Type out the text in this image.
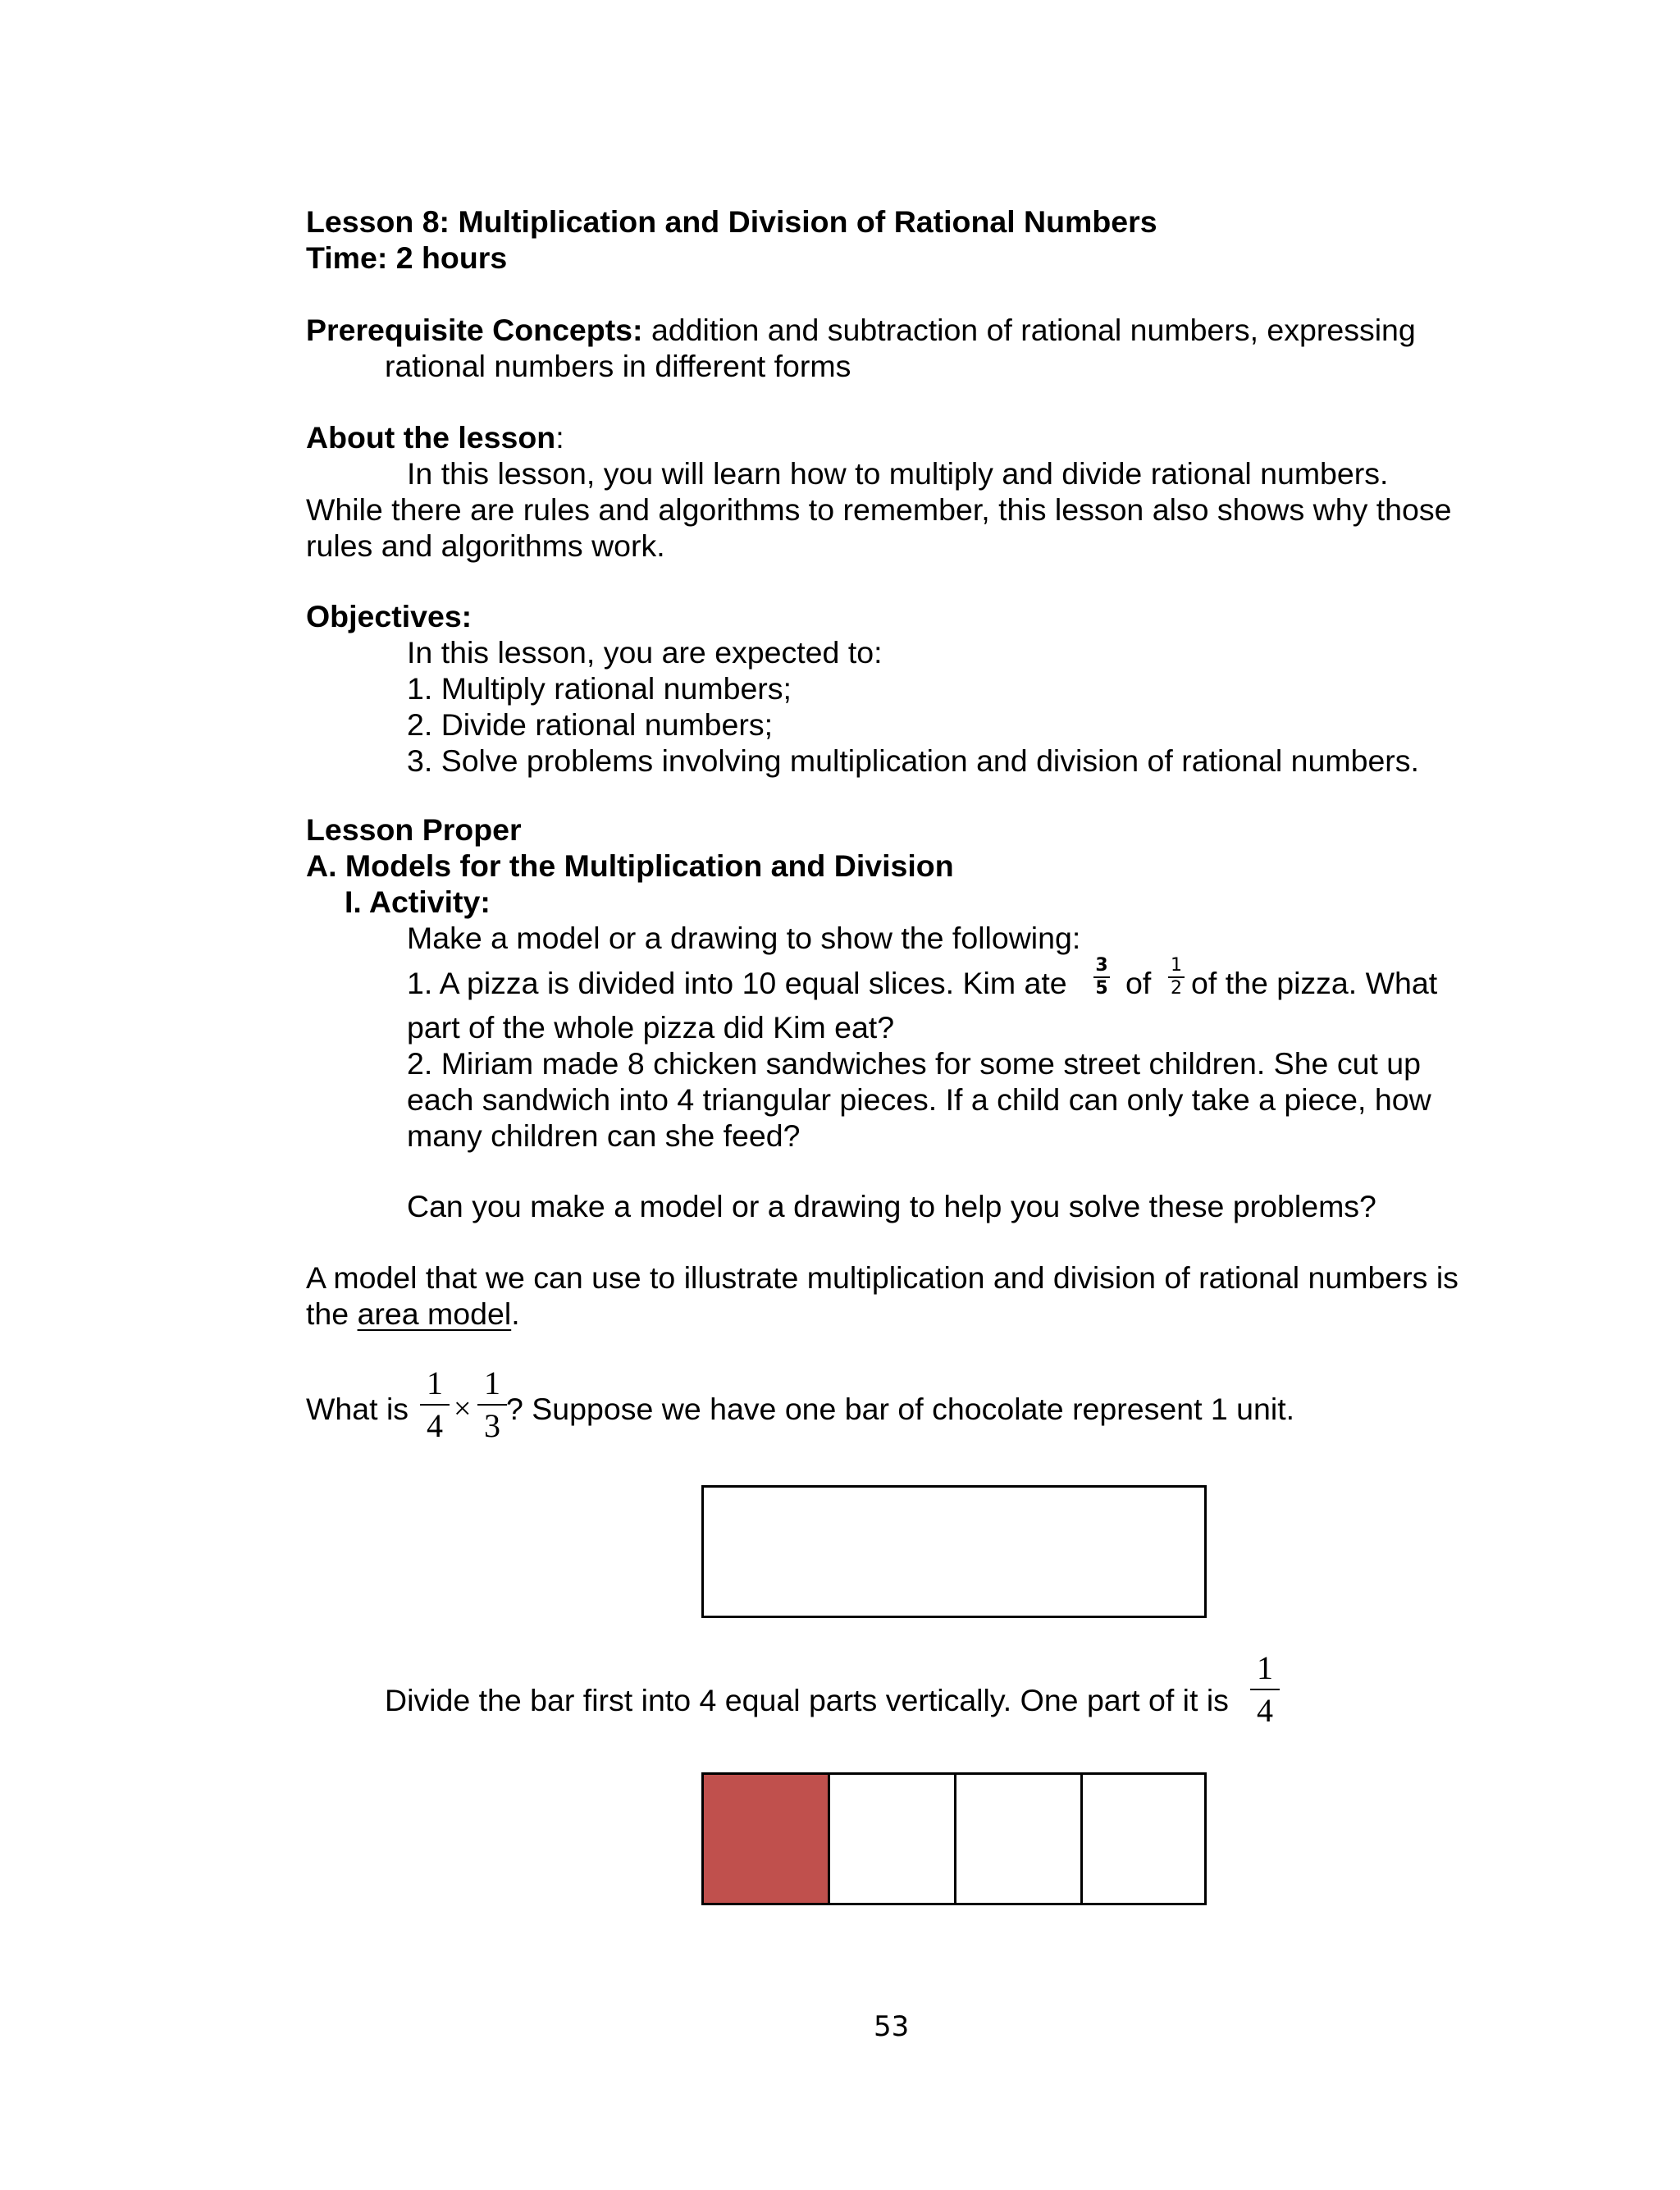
Lesson 8: Multiplication and Division of Rational Numbers
Time: 2 hours
Prerequisite Concepts: addition and subtraction of rational numbers, expressing
rational numbers in different forms
About the lesson:
In this lesson, you will learn how to multiply and divide rational numbers.
While there are rules and algorithms to remember, this lesson also shows why those
rules and algorithms work.
Objectives:
In this lesson, you are expected to:
1. Multiply rational numbers;
2. Divide rational numbers;
3. Solve problems involving multiplication and division of rational numbers.
Lesson Proper
A. Models for the Multiplication and Division
I. Activity:
Make a model or a drawing to show the following:
1. A pizza is divided into 10 equal slices. Kim ate
3
5 of
1
2 of the pizza. What
part of the whole pizza did Kim eat?
2. Miriam made 8 chicken sandwiches for some street children. She cut up
each sandwich into 4 triangular pieces. If a child can only take a piece, how
many children can she feed?
Can you make a model or a drawing to help you solve these problems?
A model that we can use to illustrate multiplication and division of rational numbers is
the area model.
What is
1
4 ×
1
3 ? Suppose we have one bar of chocolate represent 1 unit.
Divide the bar first into 4 equal parts vertically. One part of it is
1
4
53
